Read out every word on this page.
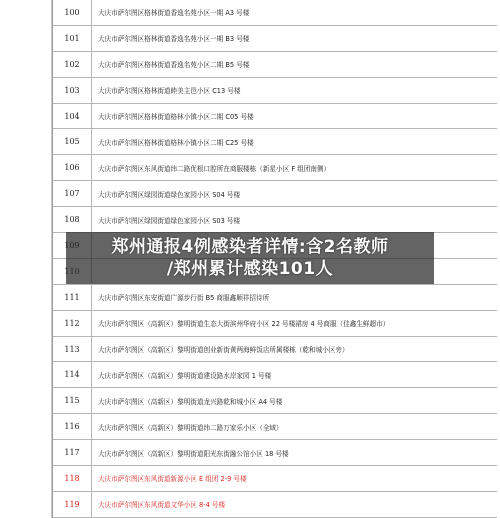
100	大庆市萨尔图区格林街道香逸名苑小区一期 A3 号楼
101	大庆市萨尔图区格林街道香逸名苑小区一期 B3 号楼
102	大庆市萨尔图区格林街道香逸名苑小区二期 B5 号楼
103	大庆市萨尔图区格林街道睦美主邑小区 C13 号楼
104	大庆市萨尔图区格林街道格林小镇小区二期 C05 号楼
105	大庆市萨尔图区格林街道格林小镇小区二期 C25 号楼
106	大庆市萨尔图区东风街道纬二路优根口腔所在商服楼栋（新星小区 F 组团南侧）
107	大庆市萨尔图区绿园街道绿色家园小区 S04 号楼
108	大庆市萨尔图区绿园街道绿色家园小区 S03 号楼
111	大庆市萨尔图区东安街道广源步行街 B5 商服鑫顺祥招待所
112	大庆市萨尔图区（高新区）黎明街道生态大街滨州华府小区 22 号楼裙房 4 号商服（佳鑫生鲜超市）
113	大庆市萨尔图区（高新区）黎明街道创业新街黄两海鲜饭店所属楼栋（乾和城小区旁）
114	大庆市萨尔图区（高新区）黎明街道建设路水岸家园 1 号楼
115	大庆市萨尔图区（高新区）黎明街道龙兴路乾和城小区 A4 号楼
116	大庆市萨尔图区（高新区）黎明街道纬二路万家乐小区（全域）
117	大庆市萨尔图区（高新区）黎明街道阳光东街融公馆小区 18 号楼
118	大庆市萨尔图区东风街道新源小区 E 组团 2-9 号楼
119	大庆市萨尔图区东风街道文华小区 8-4 号楼
郑州通报4例感染者详情:含2名教师
/郑州累计感染101人
